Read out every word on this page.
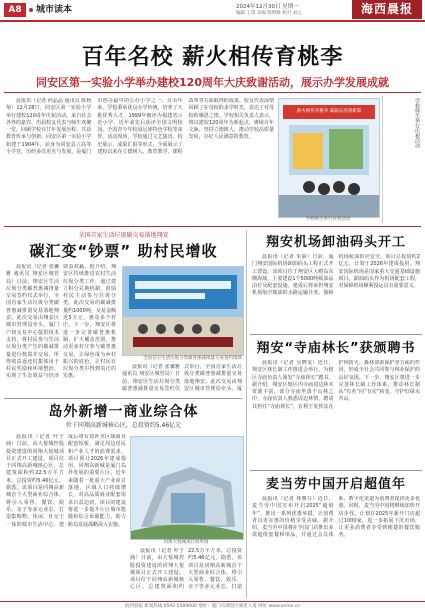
A8	城市读本	2024年12月30日 星期一
编辑 王琪 美编 殷智峰 校对 刘言	海西晨报
百年名校 薪火相传育桃李
同安区第一实验小学举办建校120周年大庆致谢活动，展示办学发展成就

晨报讯（记者 何晶晶 通讯员 陈秋菊）12月28日，同安区第一实验小学举行建校120周年庆祝活动。来自社会各界的嘉宾、历届校友代表与师生欢聚一堂，回顾学校百廿年发展历程，共话教育传承与创新。同安区第一实验小学始建于1904年，前身为同安县立高等小学堂，历经多次更名与发展，是厦门市创办最早的公办小学之一。百余年来，学校秉承优良办学传统，培养了大批优秀人才，1999年被评为福建省示范小学，近年来先后获评全国文明校园、全国青少年校园足球特色学校等荣誉。活动现场，学校通过文艺演出、校史展示、成果汇报等形式，全面展示了建校以来在立德树人、教育教学、课程改革等方面取得的成果。校友代表深情回顾了在母校的求学时光，表达了对母校的感恩之情。学校相关负责人表示，将以建校120周年为新起点，赓续百年文脉，坚持立德树人，推动学校高质量发展，办好人民满意的教育。

薪火相传育桃李 砥砺奋进谱新篇
学校师生举行庆祝活动
学校师生举行庆祝活动
全国首家生活垃圾碳交易落地翔安
碳汇变“钞票” 助村民增收

晨报讯（记者 张馨雅 通讯员 翔安区城管局）日前，翔安区生活垃圾分类碳普惠减排量交易签约仪式举行，全国首家生活垃圾分类碳普惠减排量交易落地翔安。此次交易由翔安区城市管理局牵头，厦门产权交易中心提供技术支持，将村民参与生活垃圾分类产生的碳减排量进行核算并交易，所得收益返还村集体用于村民奖励和环境整治，实现了生态效益与经济效益双赢。据介绍，翔安区持续推进农村生活垃圾分类工作，通过建立积分兑换机制，鼓励村民主动参与垃圾分类。此次交易的碳减排量约1000吨，交易金额近5万元，惠及多个村庄。下一步，翔安区将进一步完善碳普惠机制，扩大覆盖范围，推动更多村庄参与碳普惠交易，让绿色成为乡村振兴的底色，让村民在垃圾分类中得到真正的实惠。

全国首宗生活垃圾分类碳普惠减排量交易签约现场

晨报讯（记者 张馨雅 通讯员 翔安区城管局）日前，翔安区生活垃圾分类碳普惠减排量交易签约仪式举行，全国首家生活垃圾分类碳普惠减排量交易落地翔安。此次交易由翔安区城市管理局牵头，厦

岛外新增一商业综合体
位于同翔高新城核心区，总投资约5.46亿元

晨报讯（记者 叶子涵）日前，由大悦城控股投资建设的同翔大悦城项目正式开工建设，项目位于同翔高新城核心区，总建筑面积约22.5万平方米，总投资约5.46亿元。据悉，该项目是同翔高新城首个大型商业综合体，将引入零售、餐饮、娱乐、亲子等多元业态，打造集购物、休闲、社交于一体的城市生活中心，建成后将有效补齐区域商业配套短板，满足周边居民和产业人才的消费需求。项目预计2026年建成投用。同翔高新城是厦门岛外发展的重要片区，近年来随着一批重大产业项目落地，区域人口持续增长，对高品质商业配套需求日益迫切。项目的建设将进一步提升片区城市能级和综合承载能力，助力跨岛发展战略深入实施。

同翔大悦城项目效果图

晨报讯（记者 叶子涵）日前，由大悦城控股投资建设的同翔大悦城项目正式开工建设，项目位于同翔高新城核心区，总建筑面积约22.5万平方米，总投资约5.46亿元。据悉，该项目是同翔高新城首个大型商业综合体，将引入零售、餐饮、娱乐、亲子等多元业态，打造

翔安机场卸油码头开工

晨报讯（记者 朱丽）日前，厦门翔安国际机场卸油码头工程正式开工建设。该项目位于翔安区大嶝岛东侧海域，主要建设1个5000吨级油品泊位及配套设施，建成后将承担翔安机场航空煤油的水路运输任务，保障机场航油供应安全。项目总投资约2亿元，计划于2026年建成投用。翔安国际机场是国家重大交通基础设施项目，卸油码头作为机场配套工程，对保障机场顺利投运具有重要意义。

翔安“寺庙林长”获颁聘书

晨报讯（记者 吴晓雯）近日，翔安区林长制工作推进会举行，为辖区寺庙负责人颁发“寺庙林长”聘书。据介绍，翔安区辖区内寺庙周边林木资源丰富，部分寺庙坐落于山林之中，寺庙负责人熟悉周边林情，聘请其担任“寺庙林长”，有利于发挥其在护林防火、森林资源保护等方面的作用，形成全社会共同参与林业保护的良好氛围。下一步，翔安区将进一步完善林长制工作体系，推动林长制从“有名”向“有实”转变，守护好绿水青山。

麦当劳中国开启超值年

晨报讯（记者 林雅芬）近日，麦当劳中国宣布开启2025“超值年”，推出一系列优惠举措，让消费者以更实惠的价格享受美味。据介绍，麦当劳中国将在全国门店推出多款超值套餐和单品，并通过会员体系、数字化渠道为消费者提供更多优惠。同时，麦当劳中国将继续加快开店步伐，计划在2025年新开门店超过1000家，进一步拓展下沉市场，让更多消费者享受到便捷的餐饮服务。

海西晨报 新闻热线 0592-5589000 地址：厦门市湖里区湖里大道 网址 www.xmnn.cn
